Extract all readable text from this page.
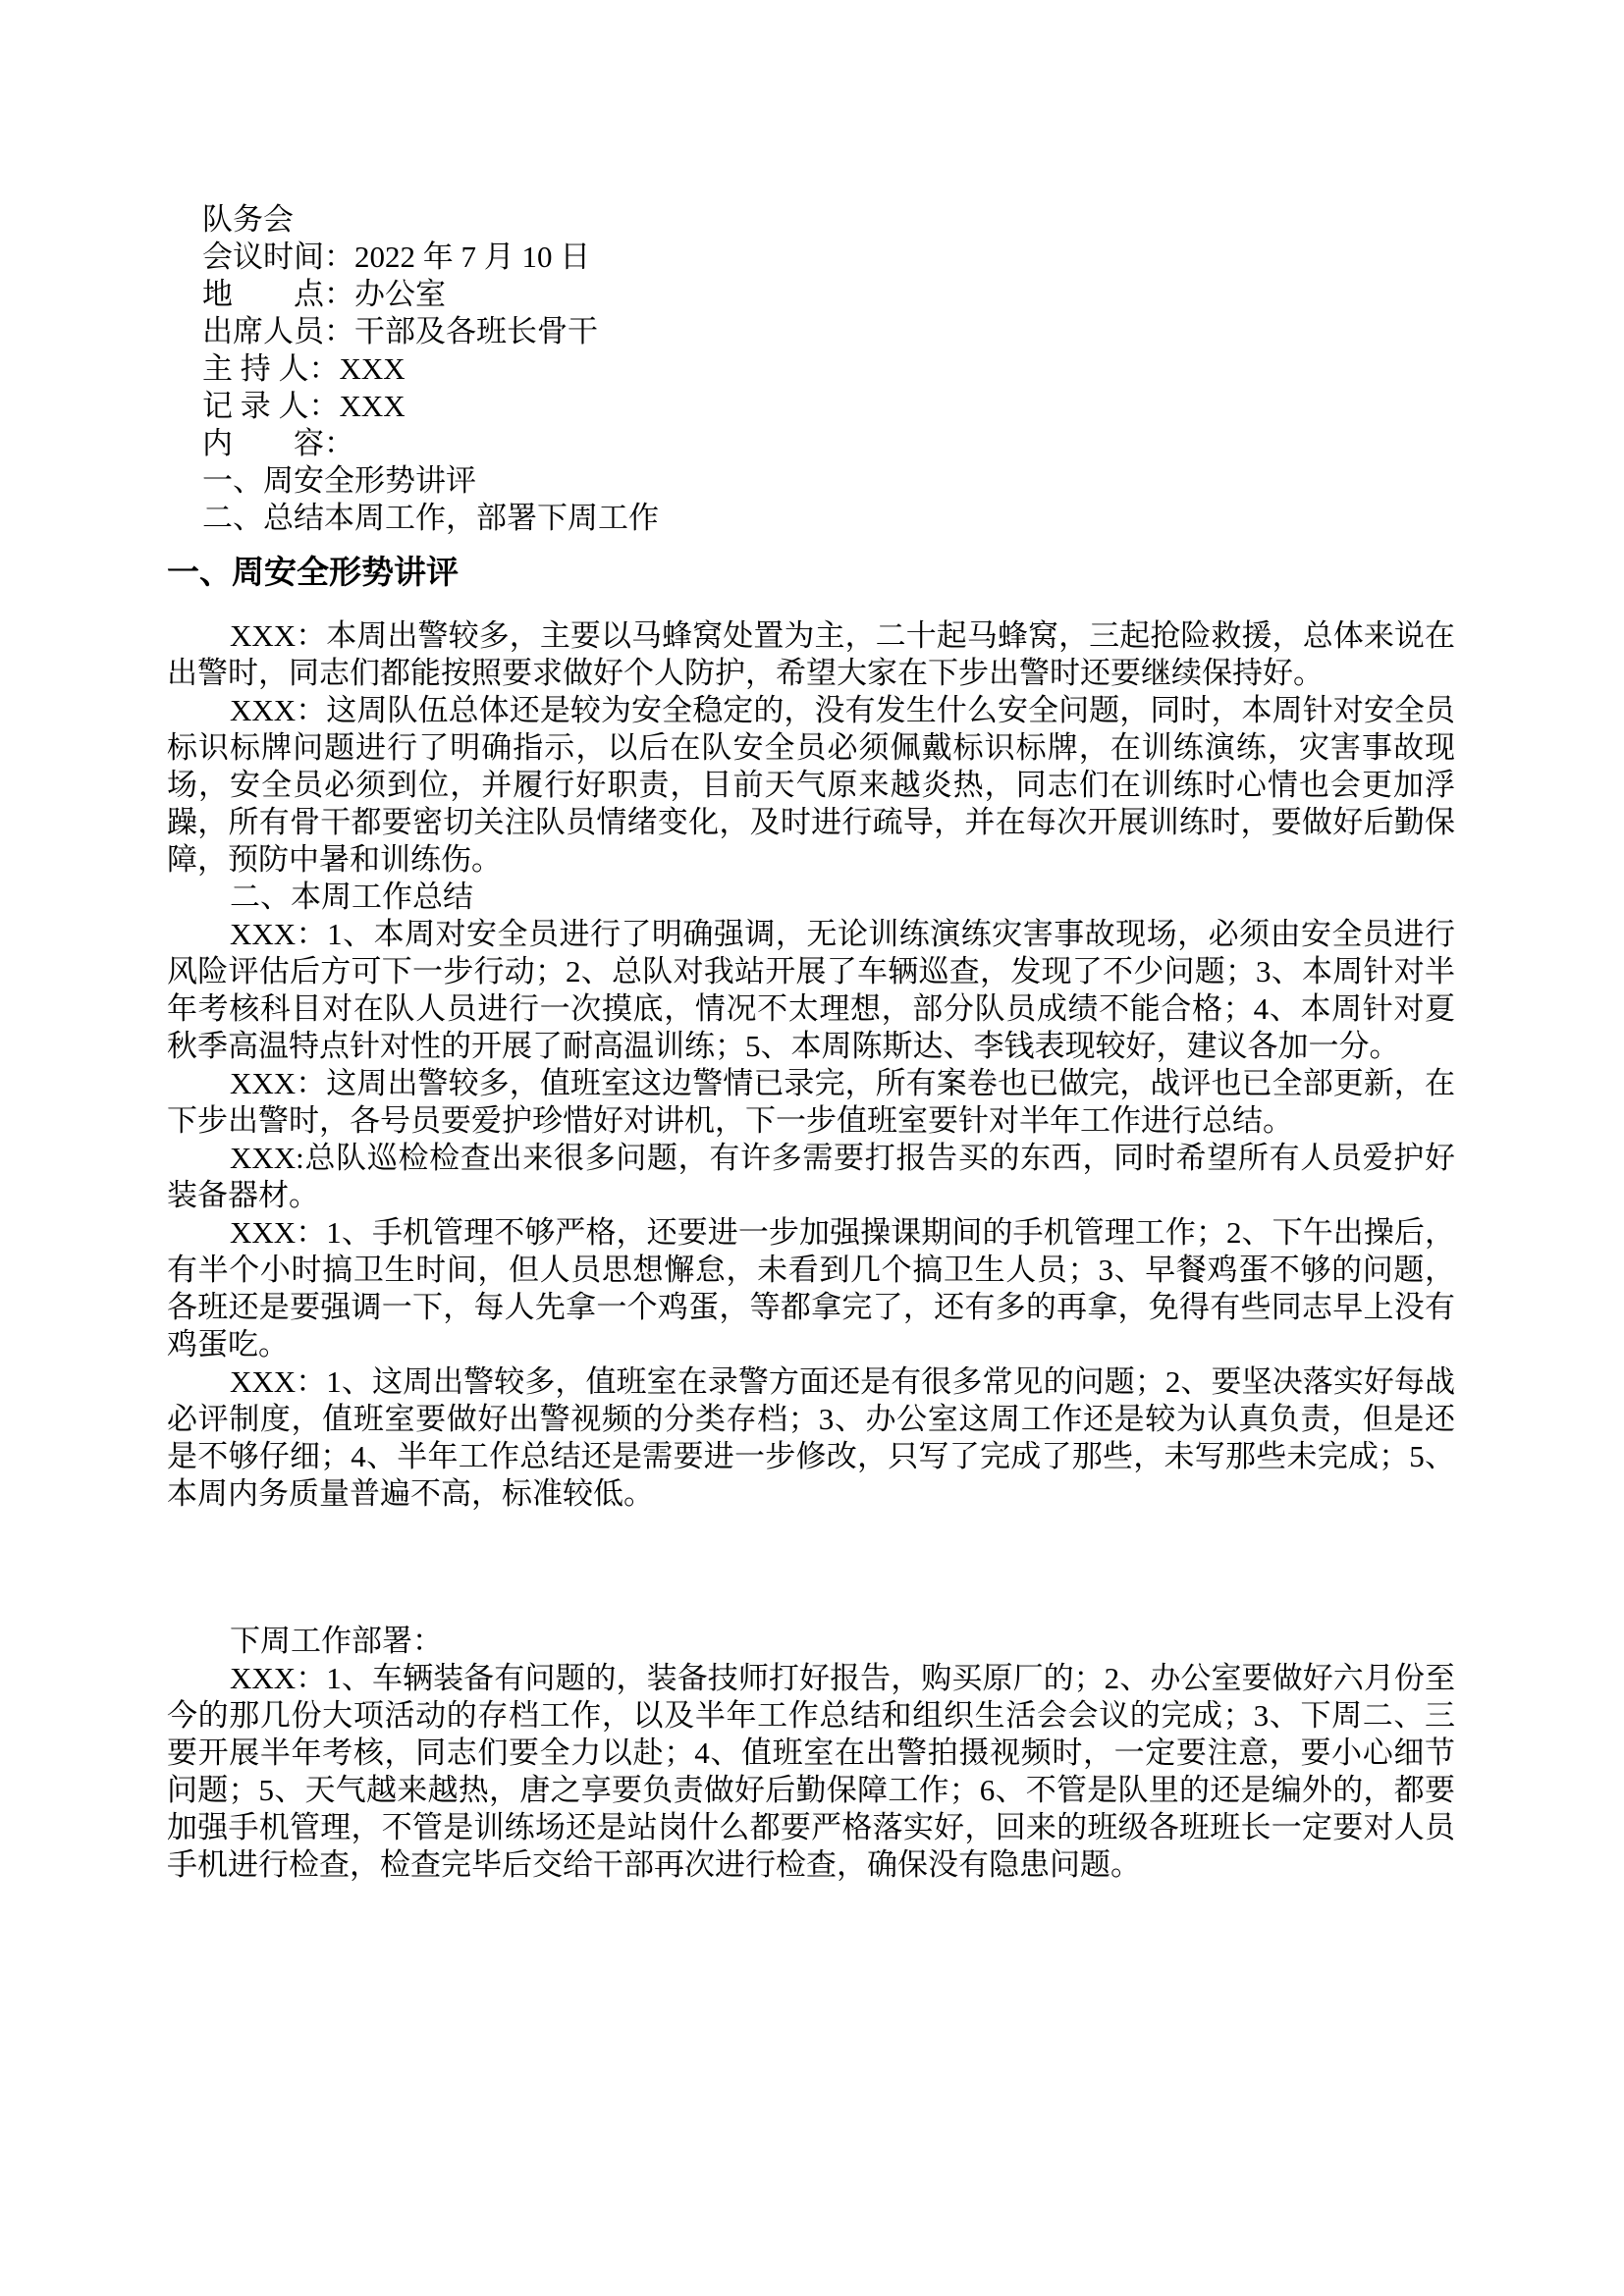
队务会

会议时间：2022 年 7 月 10 日

地　　点：办公室

出席人员：干部及各班长骨干

主 持 人：XXX

记 录 人：XXX

内　　容：

一、周安全形势讲评

二、总结本周工作，部署下周工作

一、周安全形势讲评

XXX：本周出警较多，主要以马蜂窝处置为主，二十起马蜂窝，三起抢险救援，总体来说在出警时，同志们都能按照要求做好个人防护，希望大家在下步出警时还要继续保持好。

XXX：这周队伍总体还是较为安全稳定的，没有发生什么安全问题，同时，本周针对安全员标识标牌问题进行了明确指示，以后在队安全员必须佩戴标识标牌，在训练演练，灾害事故现场，安全员必须到位，并履行好职责，目前天气原来越炎热，同志们在训练时心情也会更加浮躁，所有骨干都要密切关注队员情绪变化，及时进行疏导，并在每次开展训练时，要做好后勤保障，预防中暑和训练伤。

二、本周工作总结

XXX：1、本周对安全员进行了明确强调，无论训练演练灾害事故现场，必须由安全员进行风险评估后方可下一步行动；2、总队对我站开展了车辆巡查，发现了不少问题；3、本周针对半年考核科目对在队人员进行一次摸底，情况不太理想，部分队员成绩不能合格；4、本周针对夏秋季高温特点针对性的开展了耐高温训练；5、本周陈斯达、李钱表现较好，建议各加一分。

XXX：这周出警较多，值班室这边警情已录完，所有案卷也已做完，战评也已全部更新，在下步出警时，各号员要爱护珍惜好对讲机，下一步值班室要针对半年工作进行总结。

XXX:总队巡检检查出来很多问题，有许多需要打报告买的东西，同时希望所有人员爱护好装备器材。

XXX：1、手机管理不够严格，还要进一步加强操课期间的手机管理工作；2、下午出操后，有半个小时搞卫生时间，但人员思想懈怠，未看到几个搞卫生人员；3、早餐鸡蛋不够的问题，各班还是要强调一下，每人先拿一个鸡蛋，等都拿完了，还有多的再拿，免得有些同志早上没有鸡蛋吃。

XXX：1、这周出警较多，值班室在录警方面还是有很多常见的问题；2、要坚决落实好每战必评制度，值班室要做好出警视频的分类存档；3、办公室这周工作还是较为认真负责，但是还是不够仔细；4、半年工作总结还是需要进一步修改，只写了完成了那些，未写那些未完成；5、本周内务质量普遍不高，标准较低。

下周工作部署：

XXX：1、车辆装备有问题的，装备技师打好报告，购买原厂的；2、办公室要做好六月份至今的那几份大项活动的存档工作，以及半年工作总结和组织生活会会议的完成；3、下周二、三要开展半年考核，同志们要全力以赴；4、值班室在出警拍摄视频时，一定要注意，要小心细节问题；5、天气越来越热，唐之享要负责做好后勤保障工作；6、不管是队里的还是编外的，都要加强手机管理，不管是训练场还是站岗什么都要严格落实好，回来的班级各班班长一定要对人员手机进行检查，检查完毕后交给干部再次进行检查，确保没有隐患问题。
